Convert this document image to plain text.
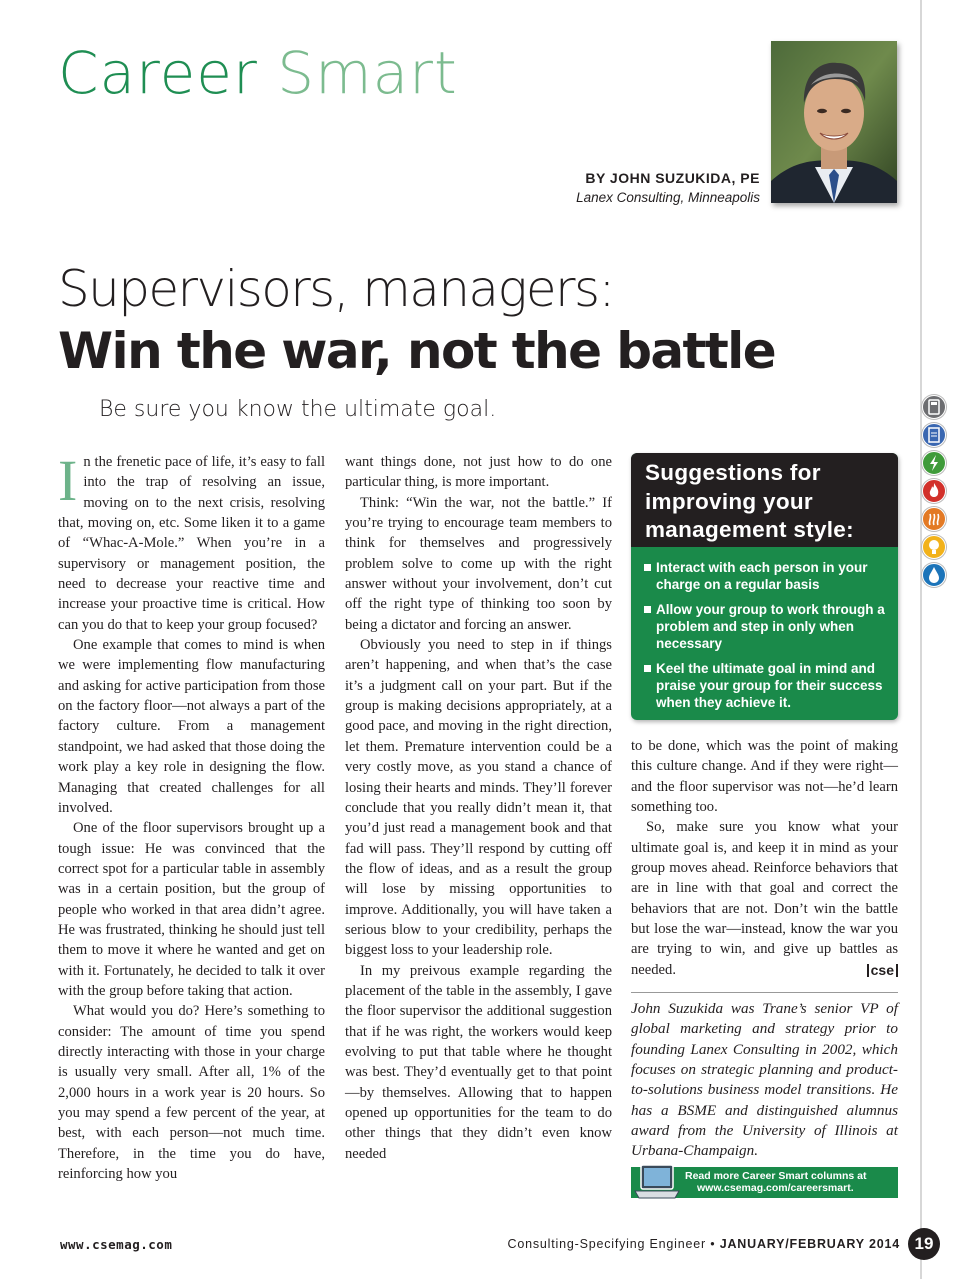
Career Smart
BY JOHN SUZUKIDA, PE
Lanex Consulting, Minneapolis
Supervisors, managers:
Win the war, not the battle

Be sure you know the ultimate goal.

In the frenetic pace of life, it’s easy to fall into the trap of resolving an issue, moving on to the next crisis, resolving that, moving on, etc. Some liken it to a game of “Whac-A-Mole.” When you’re in a supervisory or management position, the need to decrease your reactive time and increase your proactive time is critical. How can you do that to keep your group focused?

One example that comes to mind is when we were implementing flow manufacturing and asking for active participation from those on the factory floor—not always a part of the factory culture. From a management standpoint, we had asked that those doing the work play a key role in designing the flow. Managing that created challenges for all involved.

One of the floor supervisors brought up a tough issue: He was convinced that the correct spot for a particular table in assembly was in a certain position, but the group of people who worked in that area didn’t agree. He was frustrated, thinking he should just tell them to move it where he wanted and get on with it. Fortunately, he decided to talk it over with the group before taking that action.

What would you do? Here’s something to consider: The amount of time you spend directly interacting with those in your charge is usually very small. After all, 1% of the 2,000 hours in a work year is 20 hours. So you may spend a few percent of the year, at best, with each person—not much time. Therefore, in the time you do have, reinforcing how you

want things done, not just how to do one particular thing, is more important.

Think: “Win the war, not the battle.” If you’re trying to encourage team members to think for themselves and progressively problem solve to come up with the right answer without your involvement, don’t cut off the right type of thinking too soon by being a dictator and forcing an answer.

Obviously you need to step in if things aren’t happening, and when that’s the case it’s a judgment call on your part. But if the group is making decisions appropriately, at a good pace, and moving in the right direction, let them. Premature intervention could be a very costly move, as you stand a chance of losing their hearts and minds. They’ll forever conclude that you really didn’t mean it, that you’d just read a management book and that fad will pass. They’ll respond by cutting off the flow of ideas, and as a result the group will lose by missing opportunities to improve. Additionally, you will have taken a serious blow to your credibility, perhaps the biggest loss to your leadership role.

In my preivous example regarding the placement of the table in the assembly, I gave the floor supervisor the additional suggestion that if he was right, the workers would keep evolving to put that table where he thought was best. They’d eventually get to that point—by themselves. Allowing that to happen opened up opportunities for the team to do other things that they didn’t even know needed

Suggestions for improving your management style:
Interact with each person in your charge on a regular basis
Allow your group to work through a problem and step in only when necessary
Keel the ultimate goal in mind and praise your group for their success when they achieve it.

to be done, which was the point of making this culture change. And if they were right—and the floor supervisor was not—he’d learn something too.

So, make sure you know what your ultimate goal is, and keep it in mind as your group moves ahead. Reinforce behaviors that are in line with that goal and correct the behaviors that are not. Don’t win the battle but lose the war—instead, know the war you are trying to win, and give up battles as needed.	cse

John Suzukida was Trane’s senior VP of global marketing and strategy prior to founding Lanex Consulting in 2002, which focuses on strategic planning and product-to-solutions business model transitions. He has a BSME and distinguished alumnus award from the University of Illinois at Urbana-Champaign.

Read more Career Smart columns at
www.csemag.com/careersmart.
www.csemag.com	Consulting-Specifying Engineer • JANUARY/FEBRUARY 2014 19
